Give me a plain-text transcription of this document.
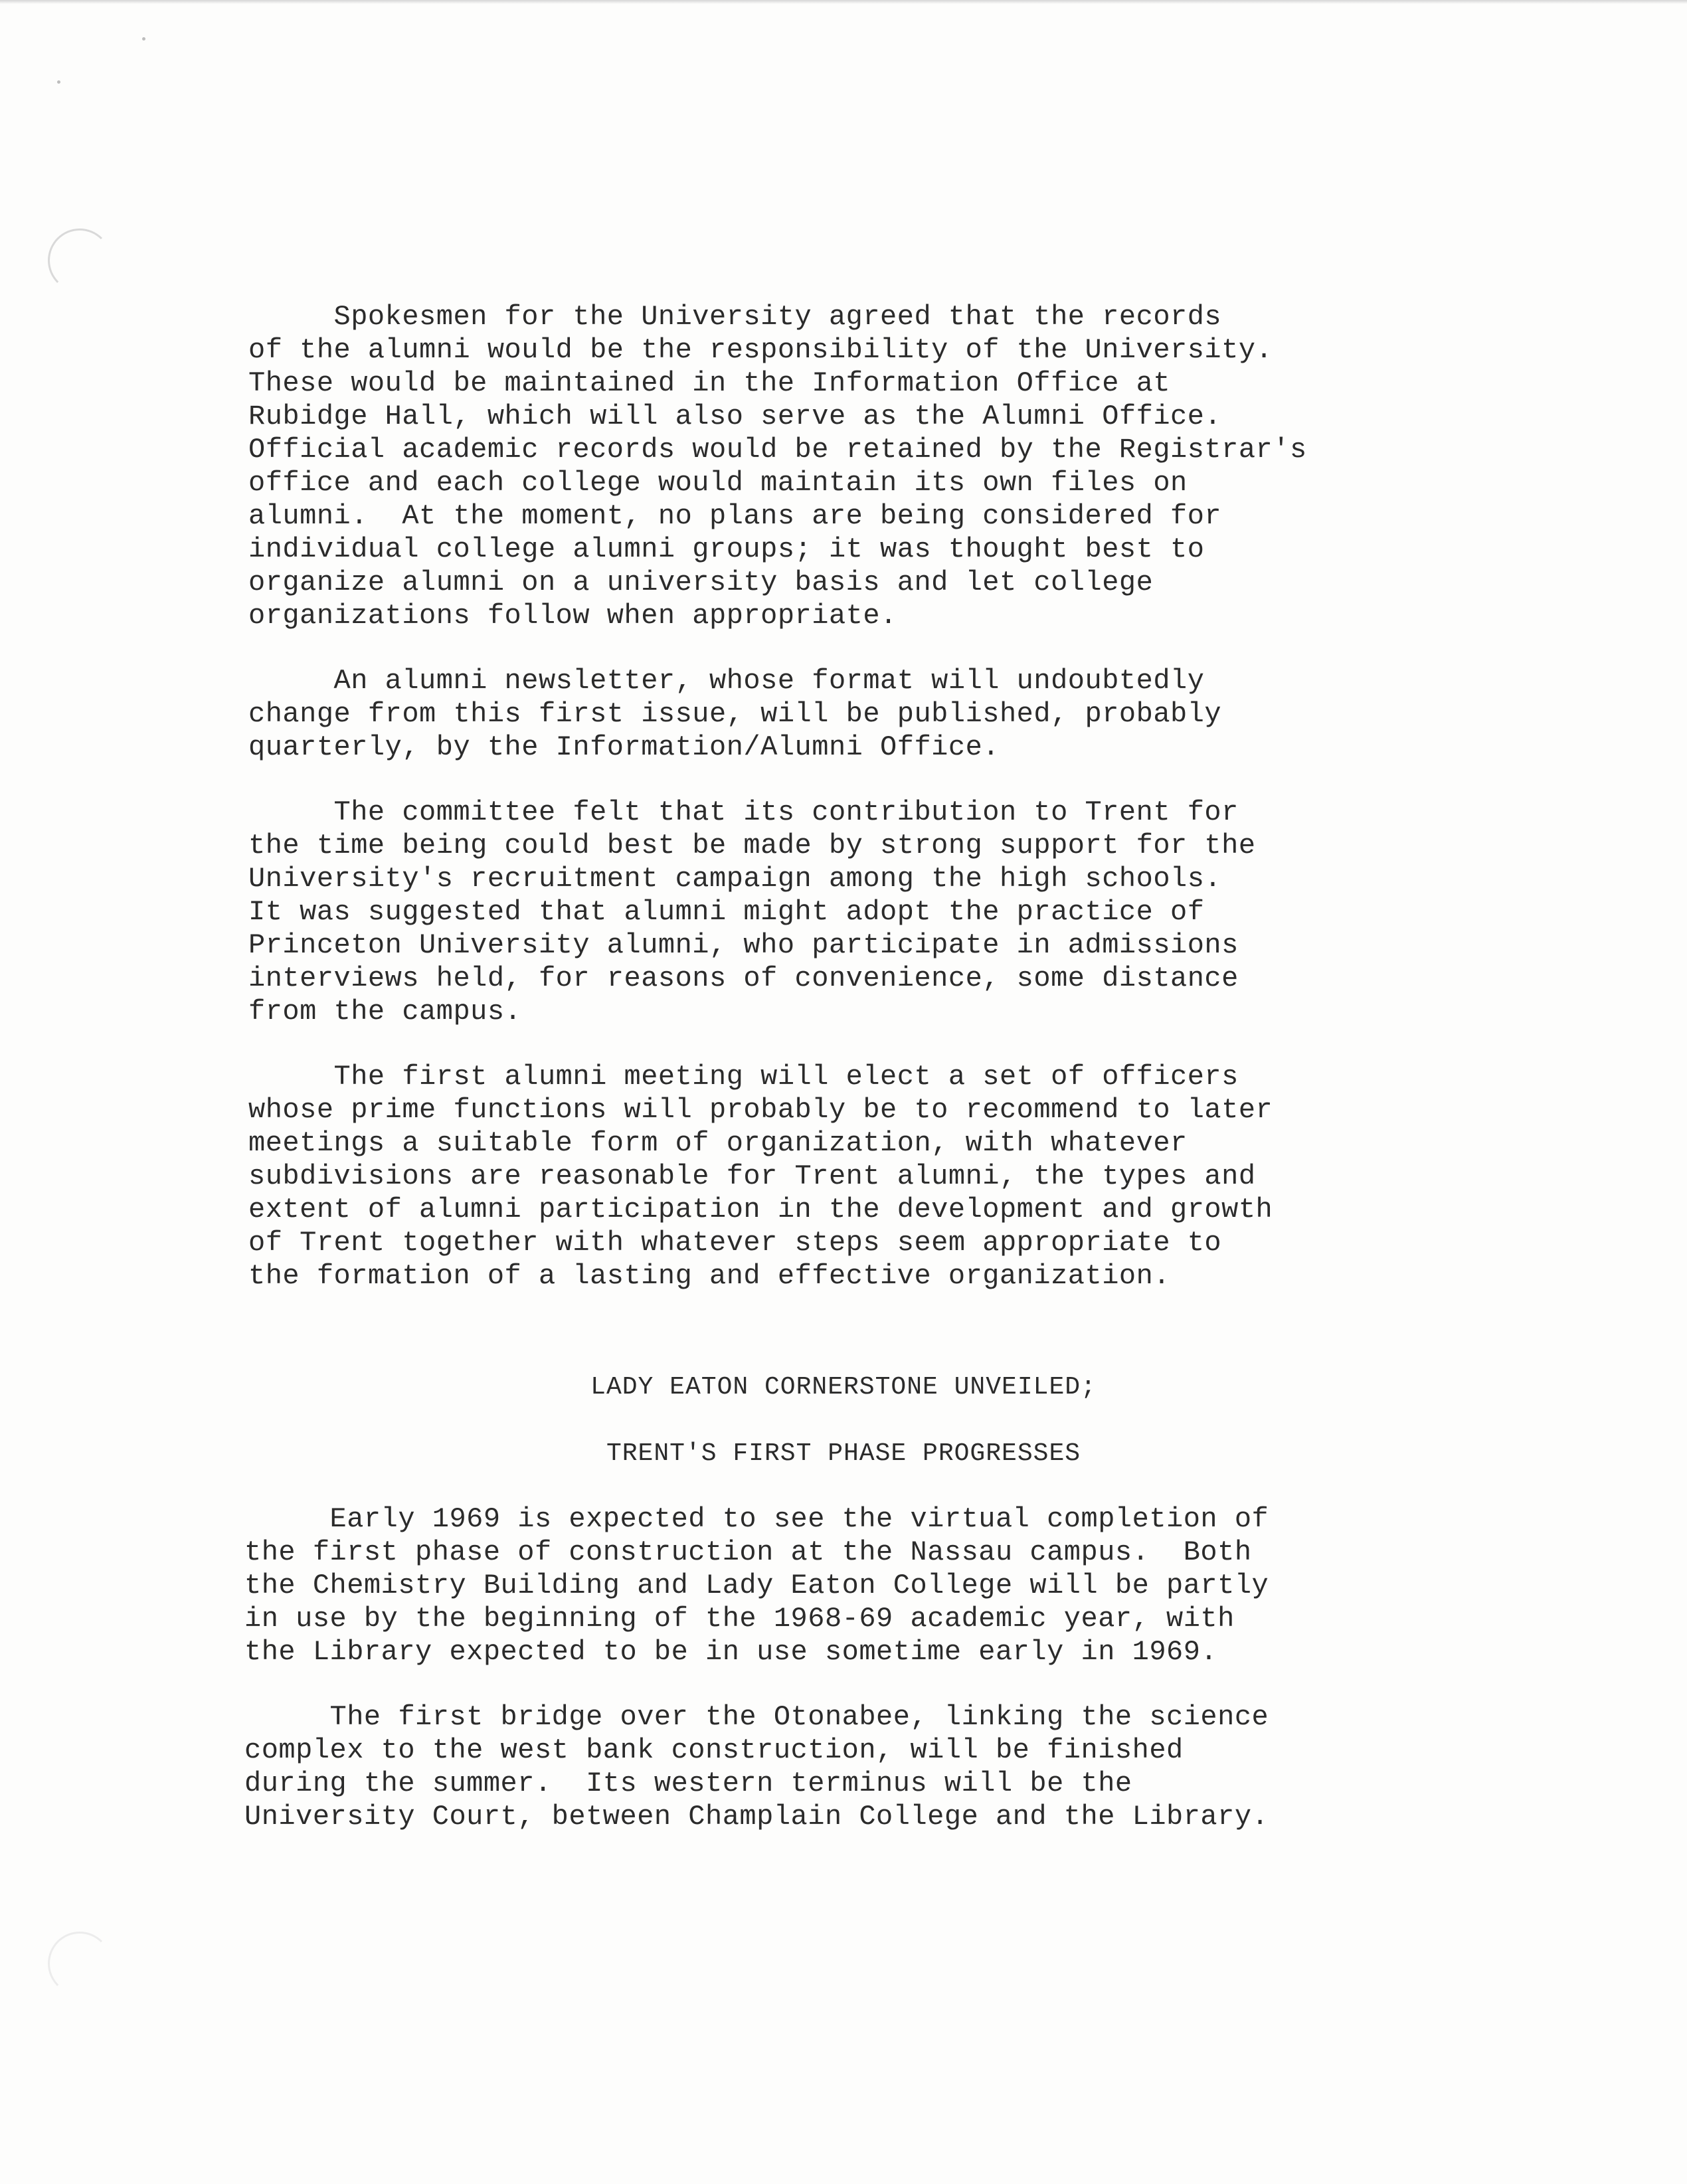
Spokesmen for the University agreed that the records
of the alumni would be the responsibility of the University.
These would be maintained in the Information Office at
Rubidge Hall, which will also serve as the Alumni Office.
Official academic records would be retained by the Registrar's
office and each college would maintain its own files on
alumni.  At the moment, no plans are being considered for
individual college alumni groups; it was thought best to
organize alumni on a university basis and let college
organizations follow when appropriate.
An alumni newsletter, whose format will undoubtedly
change from this first issue, will be published, probably
quarterly, by the Information/Alumni Office.
The committee felt that its contribution to Trent for
the time being could best be made by strong support for the
University's recruitment campaign among the high schools.
It was suggested that alumni might adopt the practice of
Princeton University alumni, who participate in admissions
interviews held, for reasons of convenience, some distance
from the campus.
The first alumni meeting will elect a set of officers
whose prime functions will probably be to recommend to later
meetings a suitable form of organization, with whatever
subdivisions are reasonable for Trent alumni, the types and
extent of alumni participation in the development and growth
of Trent together with whatever steps seem appropriate to
the formation of a lasting and effective organization.
LADY EATON CORNERSTONE UNVEILED;
TRENT'S FIRST PHASE PROGRESSES
Early 1969 is expected to see the virtual completion of
the first phase of construction at the Nassau campus.  Both
the Chemistry Building and Lady Eaton College will be partly
in use by the beginning of the 1968-69 academic year, with
the Library expected to be in use sometime early in 1969.
The first bridge over the Otonabee, linking the science
complex to the west bank construction, will be finished
during the summer.  Its western terminus will be the
University Court, between Champlain College and the Library.
